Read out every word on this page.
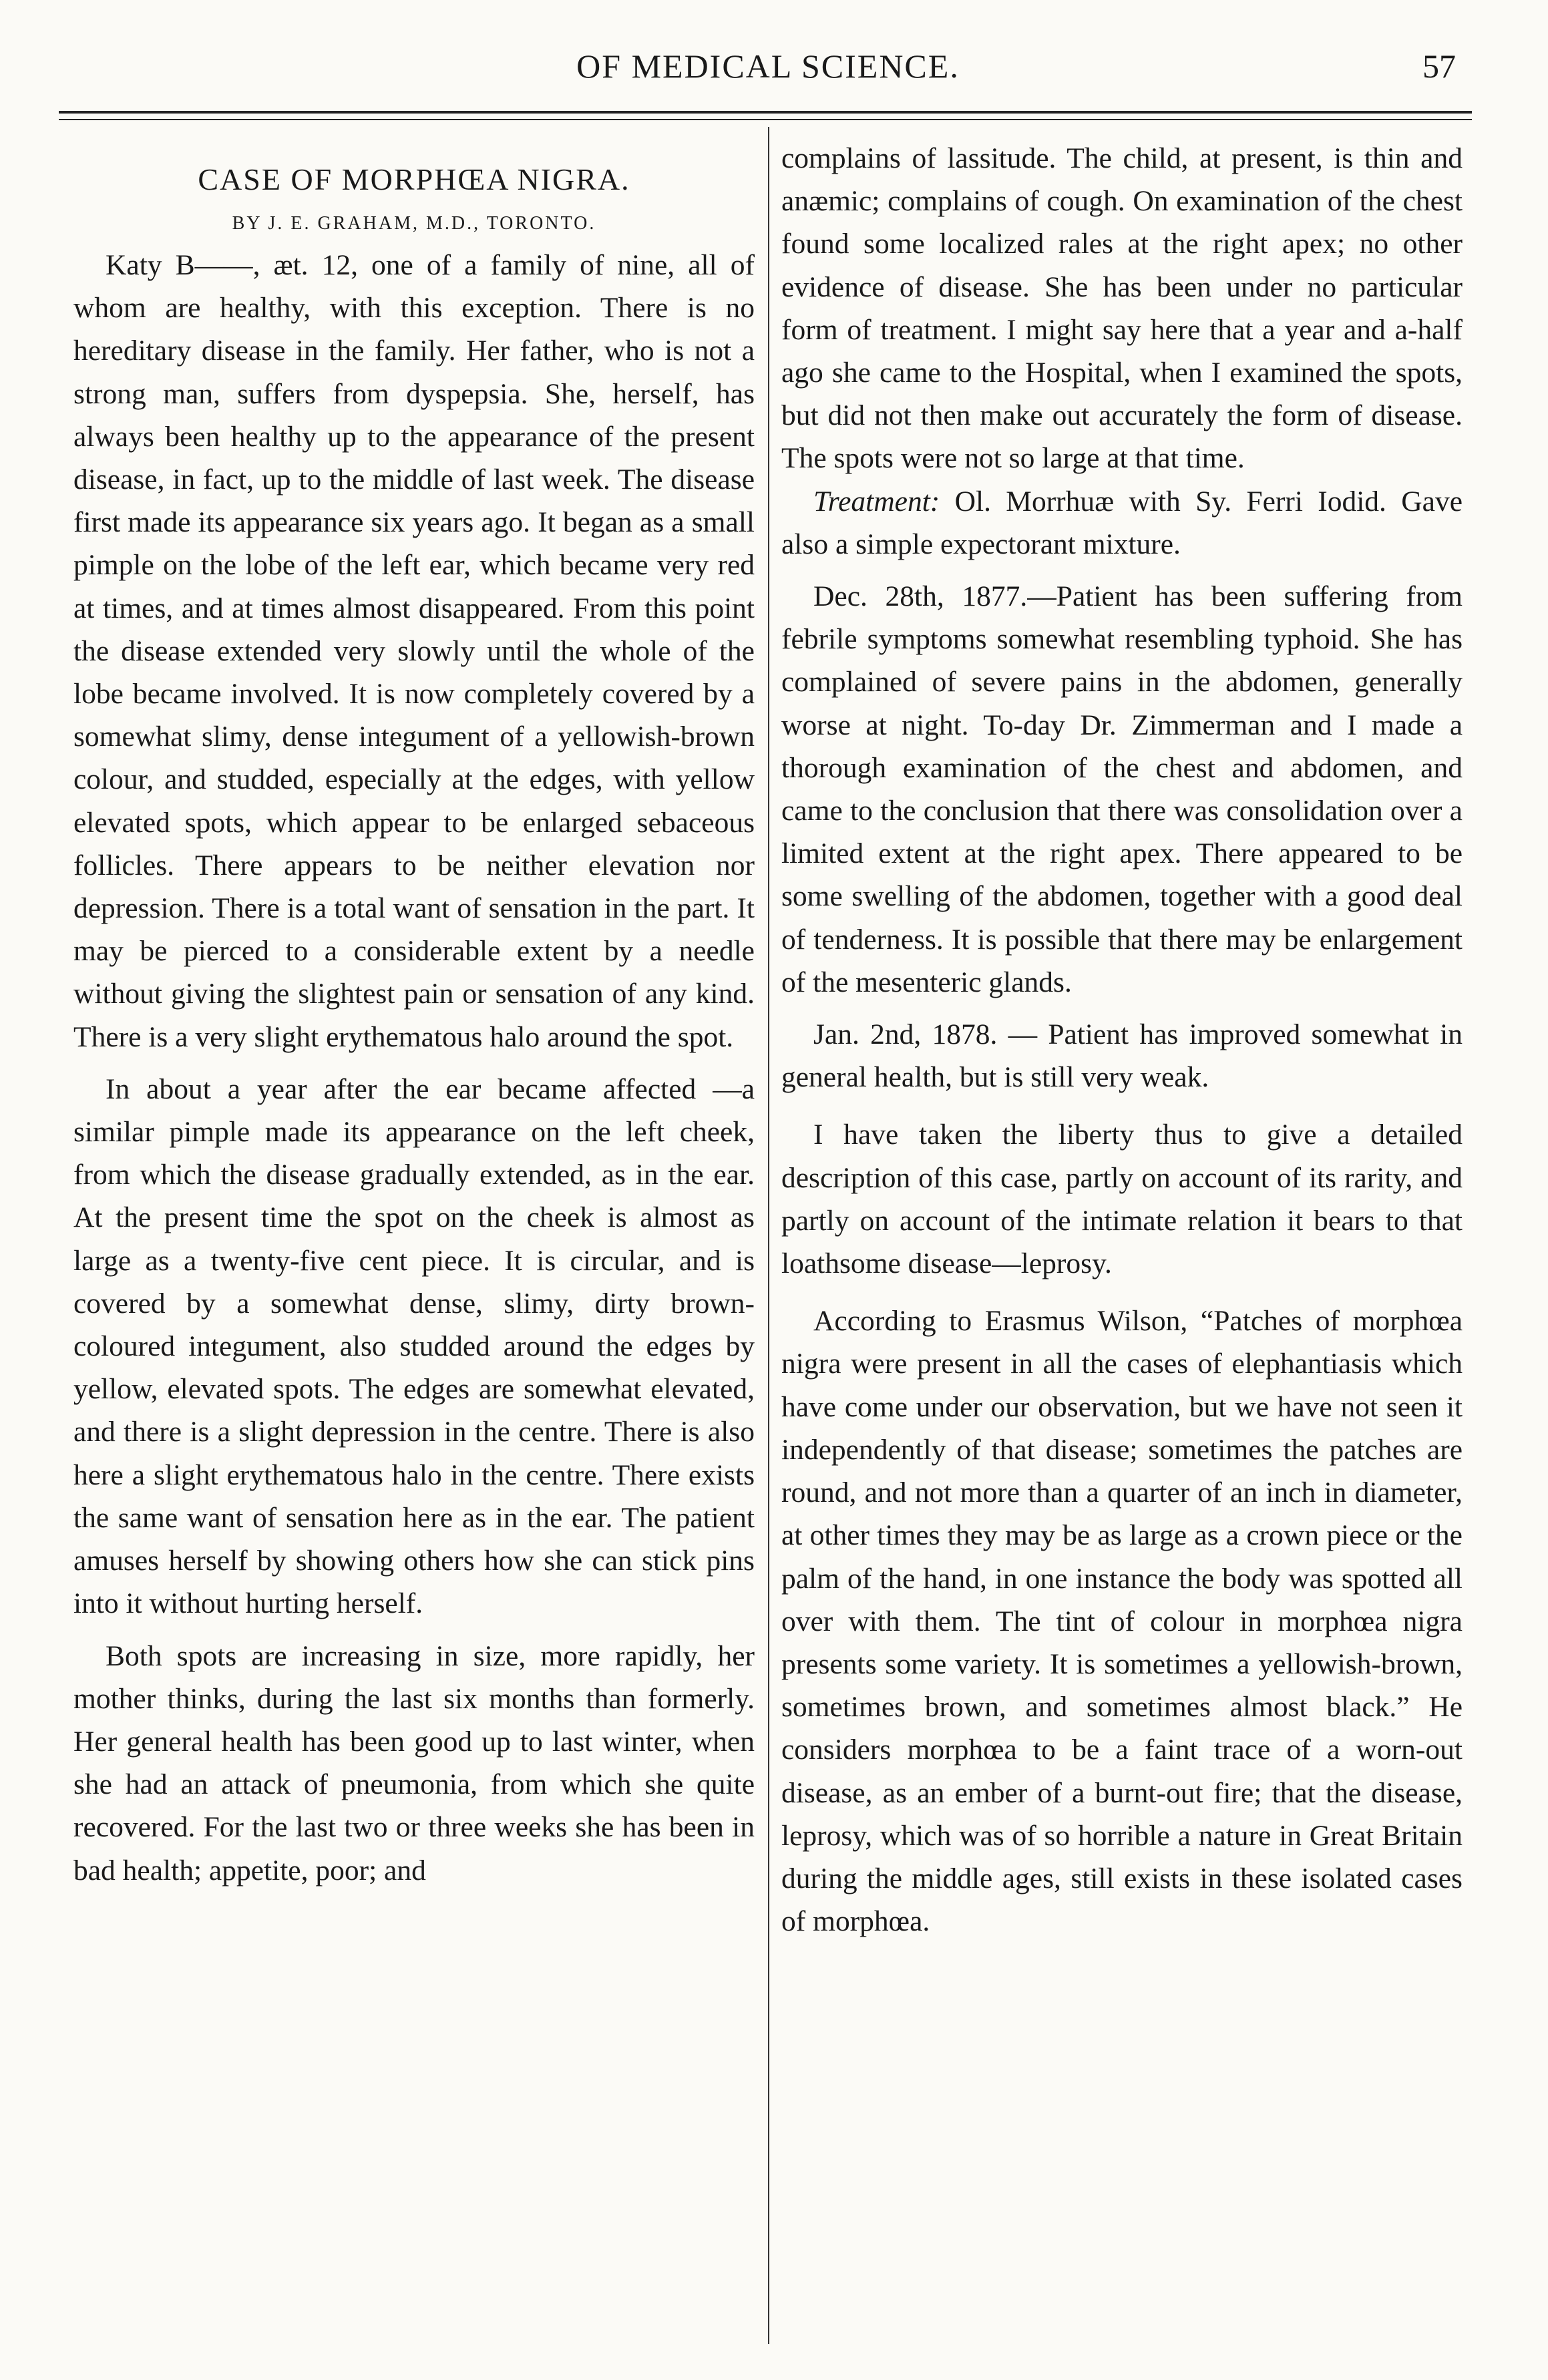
OF MEDICAL SCIENCE.	57
CASE OF MORPHŒA NIGRA.
BY J. E. GRAHAM, M.D., TORONTO.

Katy B——, æt. 12, one of a family of nine, all of whom are healthy, with this exception. There is no hereditary disease in the family. Her father, who is not a strong man, suffers from dyspepsia. She, herself, has always been healthy up to the appearance of the present disease, in fact, up to the middle of last week. The disease first made its appearance six years ago. It began as a small pimple on the lobe of the left ear, which became very red at times, and at times almost disappeared. From this point the disease extended very slowly until the whole of the lobe became involved. It is now completely covered by a somewhat slimy, dense integument of a yellowish-brown colour, and studded, especially at the edges, with yellow elevated spots, which appear to be enlarged sebaceous follicles. There appears to be neither elevation nor depression. There is a total want of sensation in the part. It may be pierced to a considerable extent by a needle without giving the slightest pain or sensation of any kind. There is a very slight erythematous halo around the spot.

In about a year after the ear became affected —a similar pimple made its appearance on the left cheek, from which the disease gradually extended, as in the ear. At the present time the spot on the cheek is almost as large as a twenty-five cent piece. It is circular, and is covered by a somewhat dense, slimy, dirty brown-coloured integument, also studded around the edges by yellow, elevated spots. The edges are somewhat elevated, and there is a slight depression in the centre. There is also here a slight erythematous halo in the centre. There exists the same want of sensation here as in the ear. The patient amuses herself by showing others how she can stick pins into it without hurting herself.

Both spots are increasing in size, more rapidly, her mother thinks, during the last six months than formerly. Her general health has been good up to last winter, when she had an attack of pneumonia, from which she quite recovered. For the last two or three weeks she has been in bad health; appetite, poor; and

complains of lassitude. The child, at present, is thin and anæmic; complains of cough. On examination of the chest found some localized rales at the right apex; no other evidence of disease. She has been under no particular form of treatment. I might say here that a year and a-half ago she came to the Hospital, when I examined the spots, but did not then make out accurately the form of disease. The spots were not so large at that time.

Treatment: Ol. Morrhuæ with Sy. Ferri Iodid. Gave also a simple expectorant mixture.

Dec. 28th, 1877.—Patient has been suffering from febrile symptoms somewhat resembling typhoid. She has complained of severe pains in the abdomen, generally worse at night. To-day Dr. Zimmerman and I made a thorough examination of the chest and abdomen, and came to the conclusion that there was consolidation over a limited extent at the right apex. There appeared to be some swelling of the abdomen, together with a good deal of tenderness. It is possible that there may be enlargement of the mesenteric glands.

Jan. 2nd, 1878. — Patient has improved somewhat in general health, but is still very weak.

I have taken the liberty thus to give a detailed description of this case, partly on account of its rarity, and partly on account of the intimate relation it bears to that loathsome disease—leprosy.

According to Erasmus Wilson, “Patches of morphœa nigra were present in all the cases of elephantiasis which have come under our observation, but we have not seen it independently of that disease; sometimes the patches are round, and not more than a quarter of an inch in diameter, at other times they may be as large as a crown piece or the palm of the hand, in one instance the body was spotted all over with them. The tint of colour in morphœa nigra presents some variety. It is sometimes a yellowish-brown, sometimes brown, and sometimes almost black.” He considers morphœa to be a faint trace of a worn-out disease, as an ember of a burnt-out fire; that the disease, leprosy, which was of so horrible a nature in Great Britain during the middle ages, still exists in these isolated cases of morphœa.
